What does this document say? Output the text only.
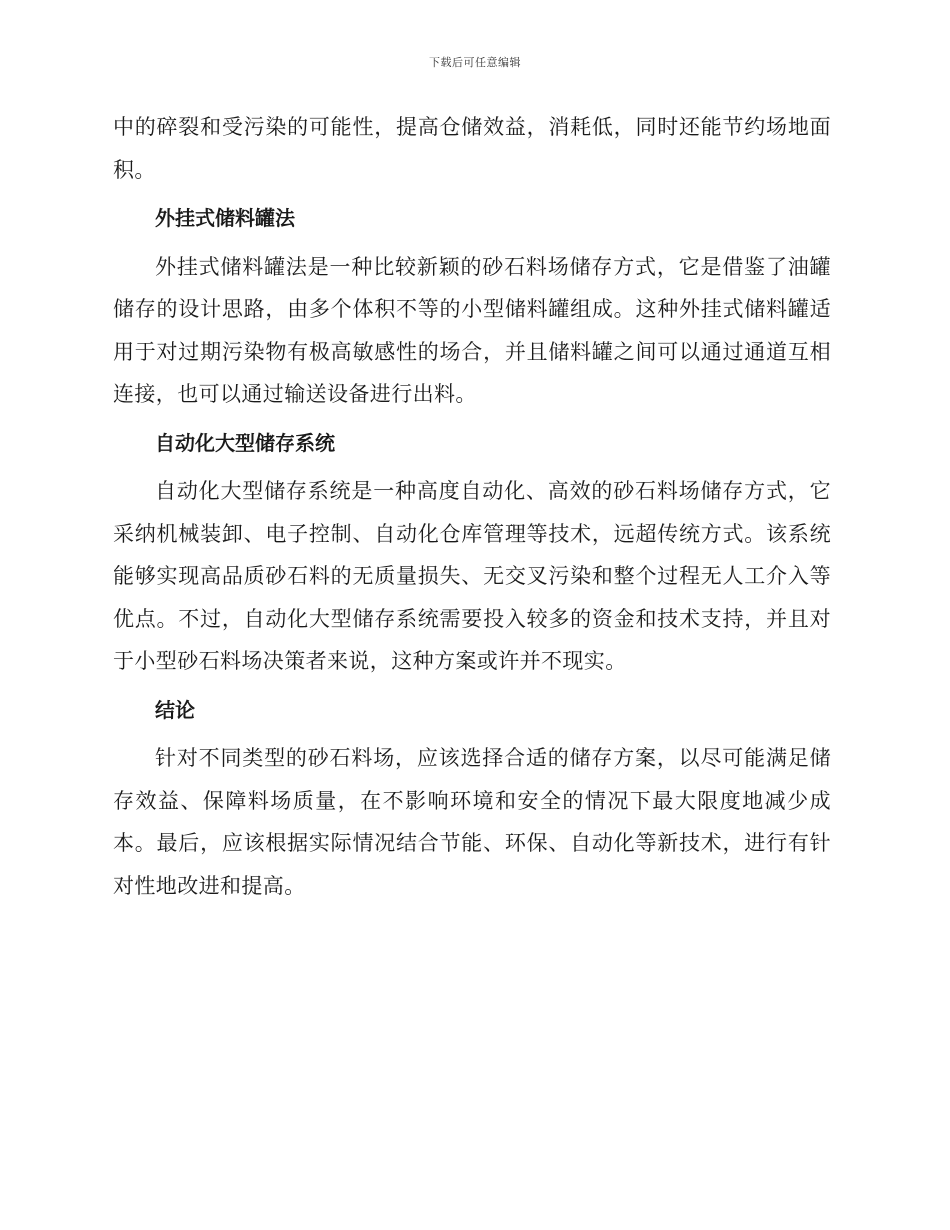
下载后可任意编辑

中的碎裂和受污染的可能性，提高仓储效益，消耗低，同时还能节约场地面积。

外挂式储料罐法

外挂式储料罐法是一种比较新颖的砂石料场储存方式，它是借鉴了油罐储存的设计思路，由多个体积不等的小型储料罐组成。这种外挂式储料罐适用于对过期污染物有极高敏感性的场合，并且储料罐之间可以通过通道互相连接，也可以通过输送设备进行出料。

自动化大型储存系统

自动化大型储存系统是一种高度自动化、高效的砂石料场储存方式，它采纳机械装卸、电子控制、自动化仓库管理等技术，远超传统方式。该系统能够实现高品质砂石料的无质量损失、无交叉污染和整个过程无人工介入等优点。不过，自动化大型储存系统需要投入较多的资金和技术支持，并且对于小型砂石料场决策者来说，这种方案或许并不现实。

结论

针对不同类型的砂石料场，应该选择合适的储存方案，以尽可能满足储存效益、保障料场质量，在不影响环境和安全的情况下最大限度地减少成本。最后，应该根据实际情况结合节能、环保、自动化等新技术，进行有针对性地改进和提高。
